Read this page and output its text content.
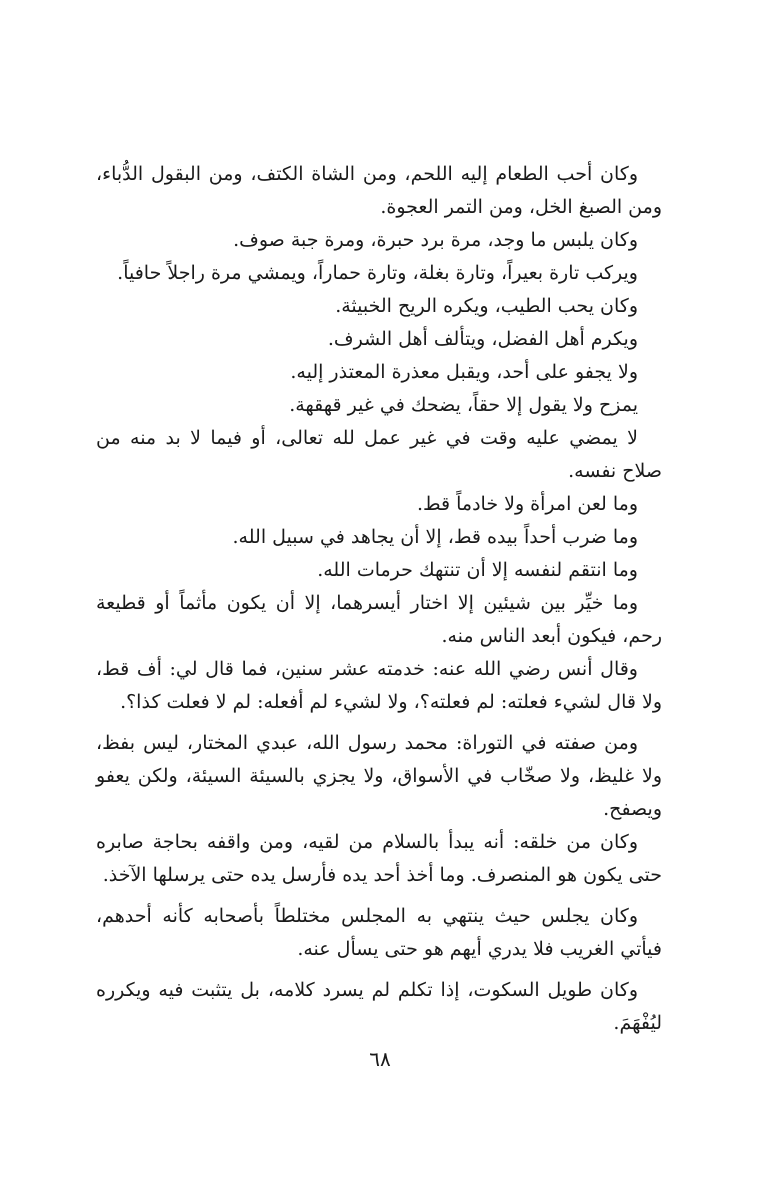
وكان أحب الطعام إليه اللحم، ومن الشاة الكتف، ومن البقول الدُّباء،
ومن الصبغ الخل، ومن التمر العجوة.
وكان يلبس ما وجد، مرة برد حبرة، ومرة جبة صوف.
ويركب تارة بعيراً، وتارة بغلة، وتارة حماراً، ويمشي مرة راجلاً حافياً.
وكان يحب الطيب، ويكره الريح الخبيثة.
ويكرم أهل الفضل، ويتألف أهل الشرف.
ولا يجفو على أحد، ويقبل معذرة المعتذر إليه.
يمزح ولا يقول إلا حقاً، يضحك في غير قهقهة.
لا يمضي عليه وقت في غير عمل لله تعالى، أو فيما لا بد منه من
صلاح نفسه.
وما لعن امرأة ولا خادماً قط.
وما ضرب أحداً بيده قط، إلا أن يجاهد في سبيل الله.
وما انتقم لنفسه إلا أن تنتهك حرمات الله.
وما خيِّر بين شيئين إلا اختار أيسرهما، إلا أن يكون مأثماً أو قطيعة
رحم، فيكون أبعد الناس منه.
وقال أنس رضي الله عنه: خدمته عشر سنين، فما قال لي: أف قط،
ولا قال لشيء فعلته: لم فعلته؟، ولا لشيء لم أفعله: لم لا فعلت كذا؟.
ومن صفته في التوراة: محمد رسول الله، عبدي المختار، ليس بفظ،
ولا غليظ، ولا صخّاب في الأسواق، ولا يجزي بالسيئة السيئة، ولكن يعفو
ويصفح.
وكان من خلقه: أنه يبدأ بالسلام من لقيه، ومن واقفه بحاجة صابره
حتى يكون هو المنصرف. وما أخذ أحد يده فأرسل يده حتى يرسلها الآخذ.
وكان يجلس حيث ينتهي به المجلس مختلطاً بأصحابه كأنه أحدهم،
فيأتي الغريب فلا يدري أيهم هو حتى يسأل عنه.
وكان طويل السكوت، إذا تكلم لم يسرد كلامه، بل يتثبت فيه ويكرره
ليُفْهَمَ.
٦٨
